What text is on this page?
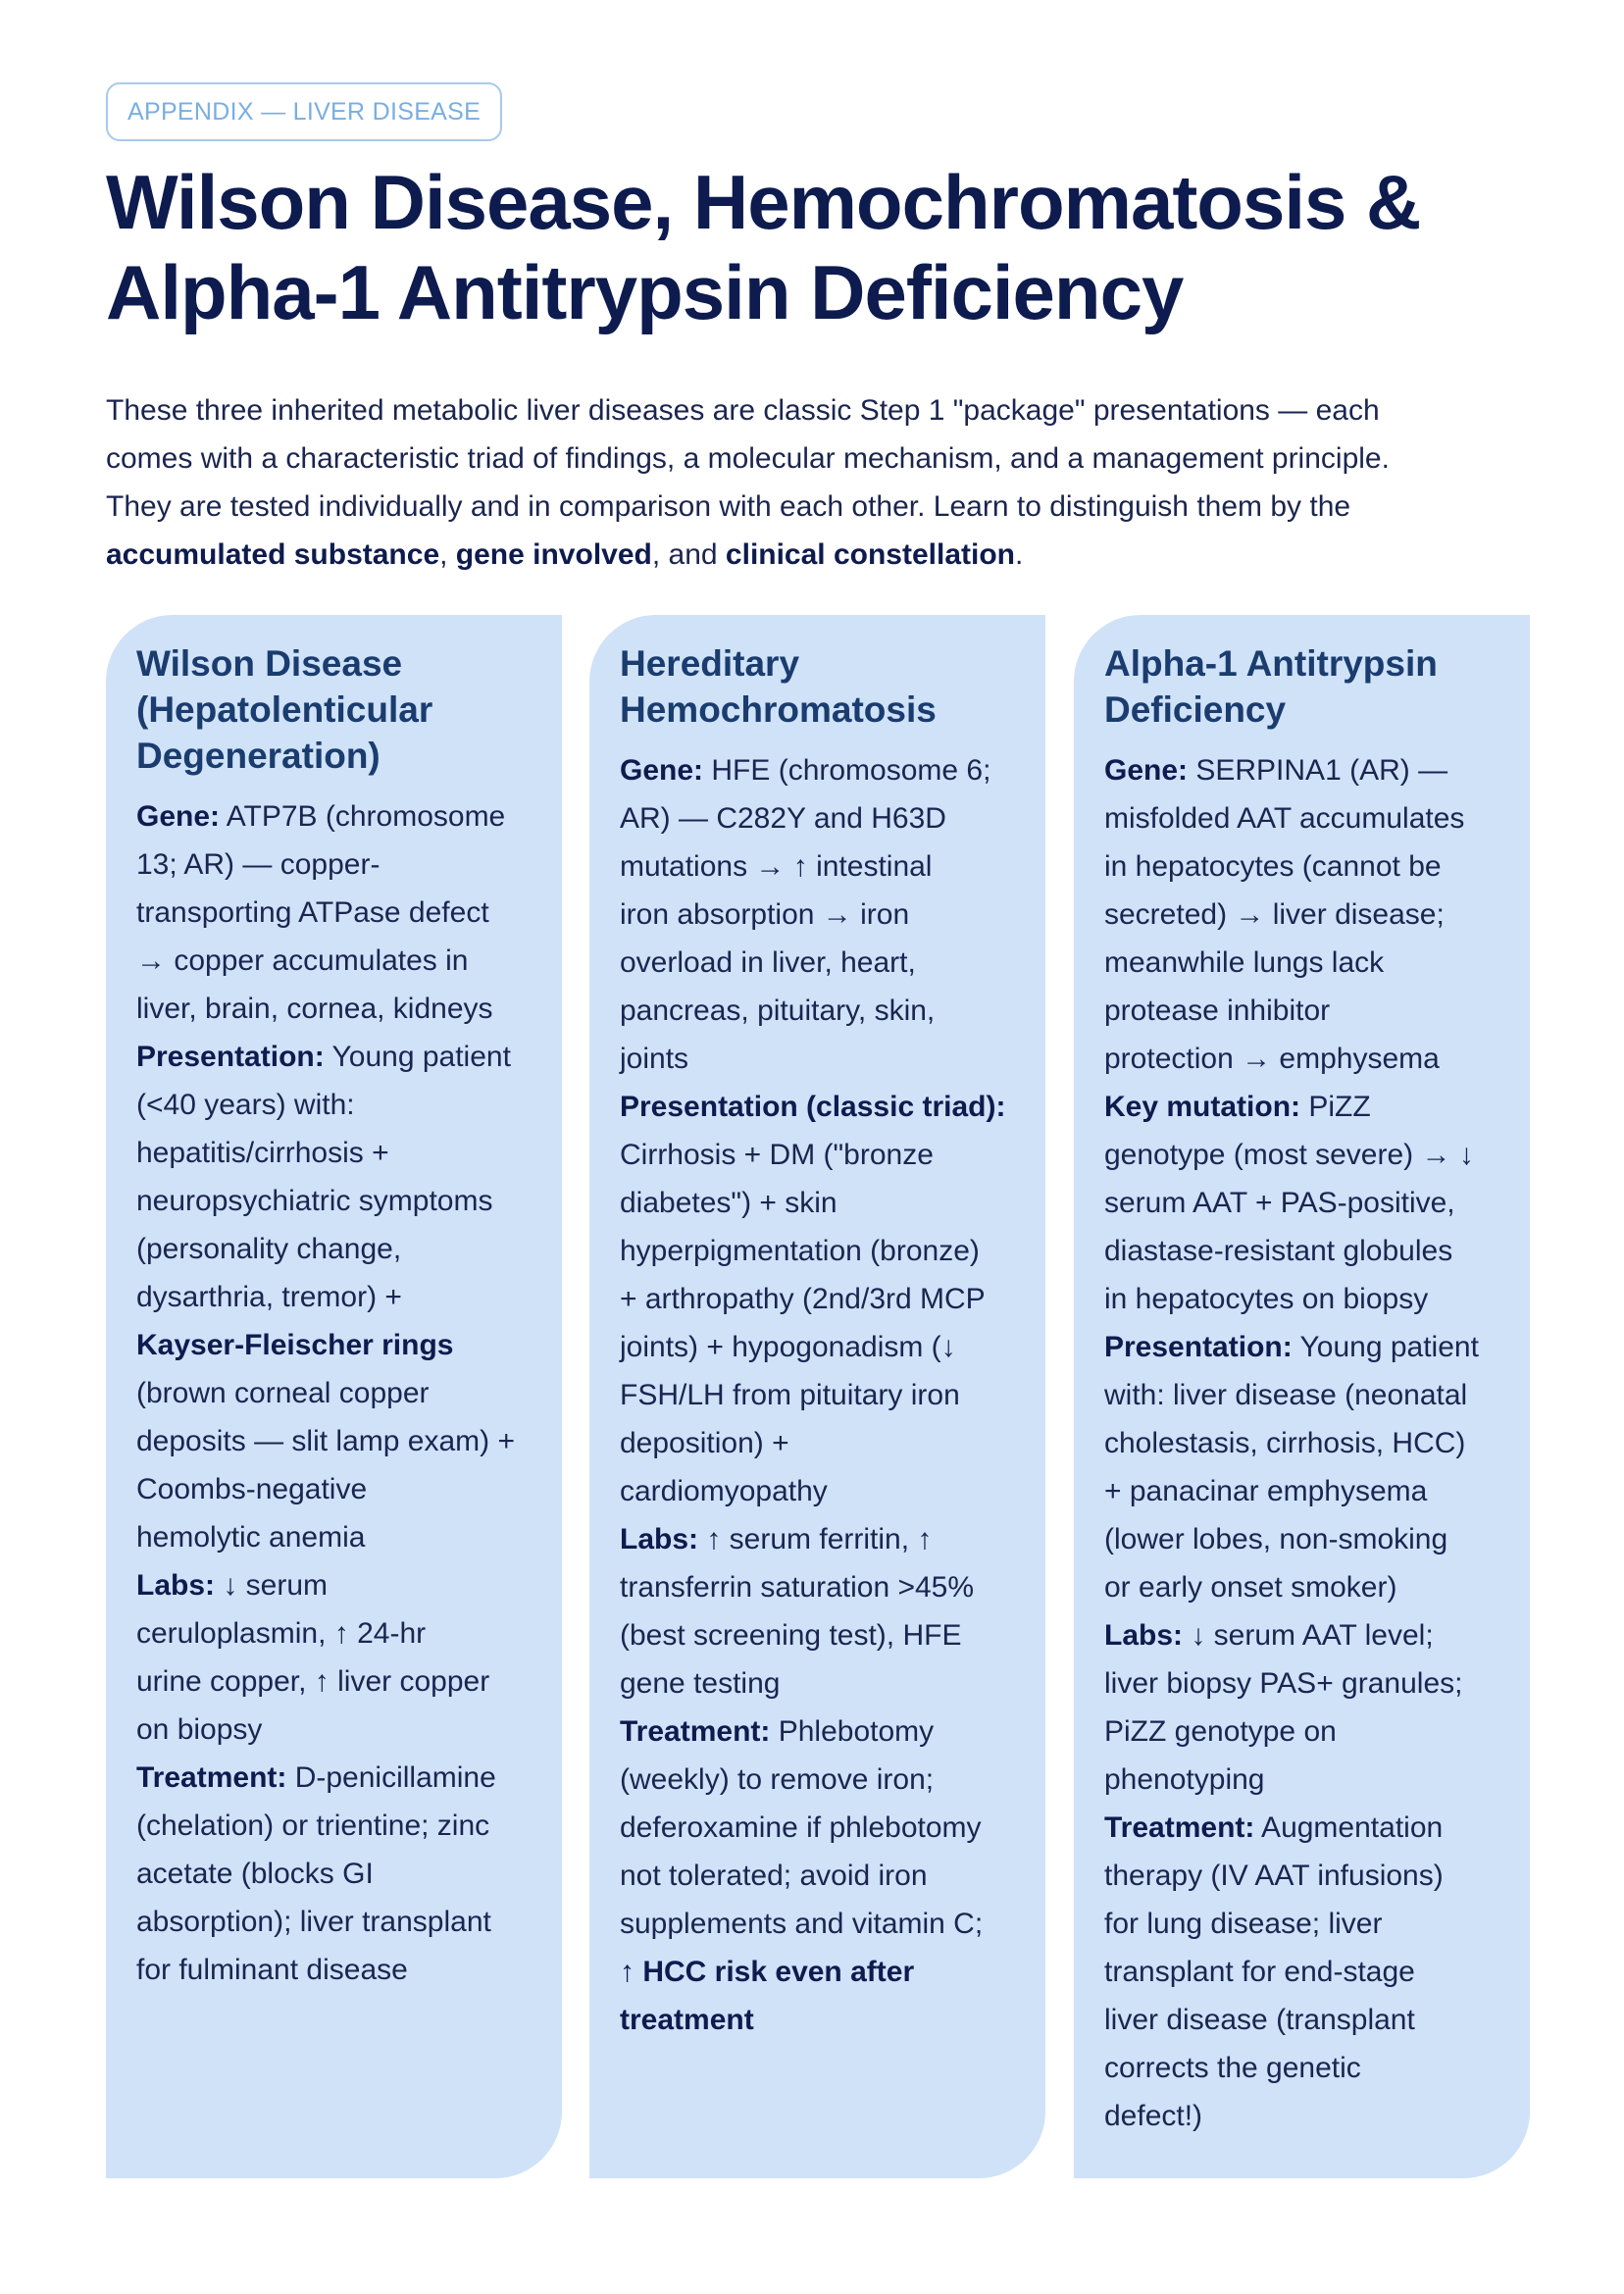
APPENDIX — LIVER DISEASE
Wilson Disease, Hemochromatosis &
Alpha-1 Antitrypsin Deficiency

These three inherited metabolic liver diseases are classic Step 1 "package" presentations — each
comes with a characteristic triad of findings, a molecular mechanism, and a management principle.
They are tested individually and in comparison with each other. Learn to distinguish them by the
accumulated substance, gene involved, and clinical constellation.

Wilson Disease
(Hepatolenticular
Degeneration)

Gene: ATP7B (chromosome
13; AR) — copper-
transporting ATPase defect
→ copper accumulates in
liver, brain, cornea, kidneys
Presentation: Young patient
(<40 years) with:
hepatitis/cirrhosis +
neuropsychiatric symptoms
(personality change,
dysarthria, tremor) +
Kayser-Fleischer rings
(brown corneal copper
deposits — slit lamp exam) +
Coombs-negative
hemolytic anemia
Labs: ↓ serum
ceruloplasmin, ↑ 24-hr
urine copper, ↑ liver copper
on biopsy
Treatment: D-penicillamine
(chelation) or trientine; zinc
acetate (blocks GI
absorption); liver transplant
for fulminant disease

Hereditary
Hemochromatosis

Gene: HFE (chromosome 6;
AR) — C282Y and H63D
mutations → ↑ intestinal
iron absorption → iron
overload in liver, heart,
pancreas, pituitary, skin,
joints
Presentation (classic triad):
Cirrhosis + DM ("bronze
diabetes") + skin
hyperpigmentation (bronze)
+ arthropathy (2nd/3rd MCP
joints) + hypogonadism (↓
FSH/LH from pituitary iron
deposition) +
cardiomyopathy
Labs: ↑ serum ferritin, ↑
transferrin saturation >45%
(best screening test), HFE
gene testing
Treatment: Phlebotomy
(weekly) to remove iron;
deferoxamine if phlebotomy
not tolerated; avoid iron
supplements and vitamin C;
↑ HCC risk even after
treatment

Alpha-1 Antitrypsin
Deficiency

Gene: SERPINA1 (AR) —
misfolded AAT accumulates
in hepatocytes (cannot be
secreted) → liver disease;
meanwhile lungs lack
protease inhibitor
protection → emphysema
Key mutation: PiZZ
genotype (most severe) → ↓
serum AAT + PAS-positive,
diastase-resistant globules
in hepatocytes on biopsy
Presentation: Young patient
with: liver disease (neonatal
cholestasis, cirrhosis, HCC)
+ panacinar emphysema
(lower lobes, non-smoking
or early onset smoker)
Labs: ↓ serum AAT level;
liver biopsy PAS+ granules;
PiZZ genotype on
phenotyping
Treatment: Augmentation
therapy (IV AAT infusions)
for lung disease; liver
transplant for end-stage
liver disease (transplant
corrects the genetic
defect!)
